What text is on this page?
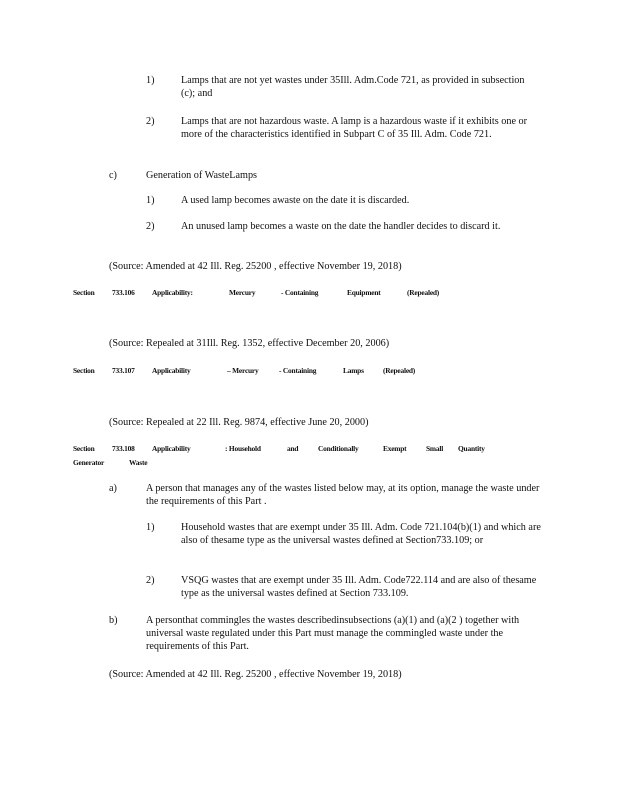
1)	Lamps that are not yet wastes under 35Ill. Adm.Code 721, as provided in subsection (c); and
2)	Lamps that are not hazardous waste. A lamp is a hazardous waste if it exhibits one or more of the characteristics identified in Subpart C of 35 Ill. Adm. Code 721.
c)	Generation of WasteLamps
1)	A used lamp becomes awaste on the date it is discarded.
2)	An unused lamp becomes a waste on the date the handler decides to discard it.
(Source: Amended at 42 Ill. Reg. 25200 , effective November 19, 2018)
Section 733.106 Applicability:	Mercury	- Containing	Equipment	(Repealed)
(Source: Repealed at 31Ill. Reg. 1352, effective December 20, 2006)
Section 733.107 Applicability	– Mercury	- Containing	Lamps	(Repealed)
(Source: Repealed at 22 Ill. Reg. 9874, effective June 20, 2000)
Section 733.108 Applicability	: Household	and	Conditionally	Exempt	Small Quantity
Generator	Waste
a)	A person that manages any of the wastes listed below may, at its option, manage the waste under the requirements of this Part .
1)	Household wastes that are exempt under 35 Ill. Adm. Code 721.104(b)(1) and which are also of thesame type as the universal wastes defined at Section733.109; or
2)	VSQG wastes that are exempt under 35 Ill. Adm. Code722.114 and are also of thesame type as the universal wastes defined at Section 733.109.
b)	A personthat commingles the wastes describedinsubsections (a)(1) and (a)(2 ) together with universal waste regulated under this Part must manage the commingled waste under the requirements of this Part.
(Source: Amended at 42 Ill. Reg. 25200 , effective November 19, 2018)
